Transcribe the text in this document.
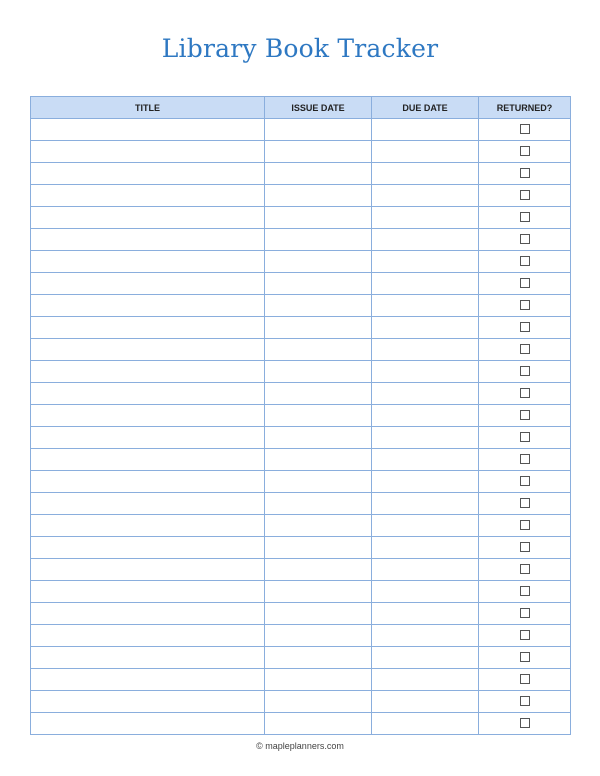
Library Book Tracker
TITLE	ISSUE DATE	DUE DATE	RETURNED?

© mapleplanners.com
